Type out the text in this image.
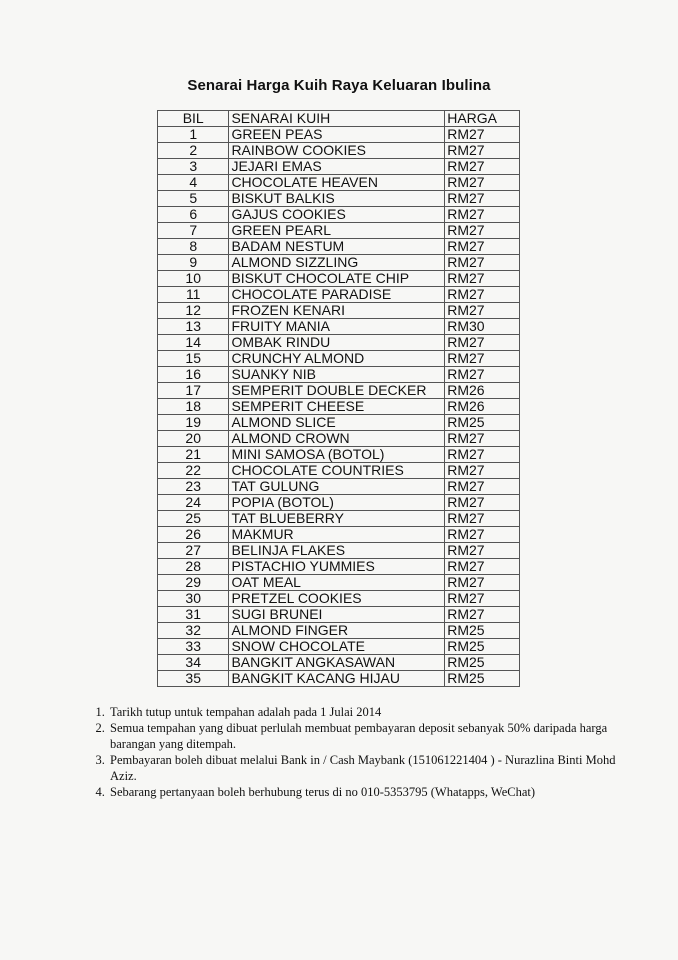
Senarai Harga Kuih Raya Keluaran Ibulina
BIL	SENARAI KUIH	HARGA
1	GREEN PEAS	RM27
2	RAINBOW COOKIES	RM27
3	JEJARI EMAS	RM27
4	CHOCOLATE HEAVEN	RM27
5	BISKUT BALKIS	RM27
6	GAJUS COOKIES	RM27
7	GREEN PEARL	RM27
8	BADAM NESTUM	RM27
9	ALMOND SIZZLING	RM27
10	BISKUT CHOCOLATE CHIP	RM27
11	CHOCOLATE PARADISE	RM27
12	FROZEN KENARI	RM27
13	FRUITY MANIA	RM30
14	OMBAK RINDU	RM27
15	CRUNCHY ALMOND	RM27
16	SUANKY NIB	RM27
17	SEMPERIT DOUBLE DECKER	RM26
18	SEMPERIT CHEESE	RM26
19	ALMOND SLICE	RM25
20	ALMOND CROWN	RM27
21	MINI SAMOSA (BOTOL)	RM27
22	CHOCOLATE COUNTRIES	RM27
23	TAT GULUNG	RM27
24	POPIA (BOTOL)	RM27
25	TAT BLUEBERRY	RM27
26	MAKMUR	RM27
27	BELINJA FLAKES	RM27
28	PISTACHIO YUMMIES	RM27
29	OAT MEAL	RM27
30	PRETZEL COOKIES	RM27
31	SUGI BRUNEI	RM27
32	ALMOND FINGER	RM25
33	SNOW CHOCOLATE	RM25
34	BANGKIT ANGKASAWAN	RM25
35	BANGKIT KACANG HIJAU	RM25
1. Tarikh tutup untuk tempahan adalah pada 1 Julai 2014
2. Semua tempahan yang dibuat perlulah membuat pembayaran deposit sebanyak 50% daripada harga barangan yang ditempah.
3. Pembayaran boleh dibuat melalui Bank in / Cash Maybank (151061221404 ) - Nurazlina Binti Mohd Aziz.
4. Sebarang pertanyaan boleh berhubung terus di no 010-5353795 (Whatapps, WeChat)
